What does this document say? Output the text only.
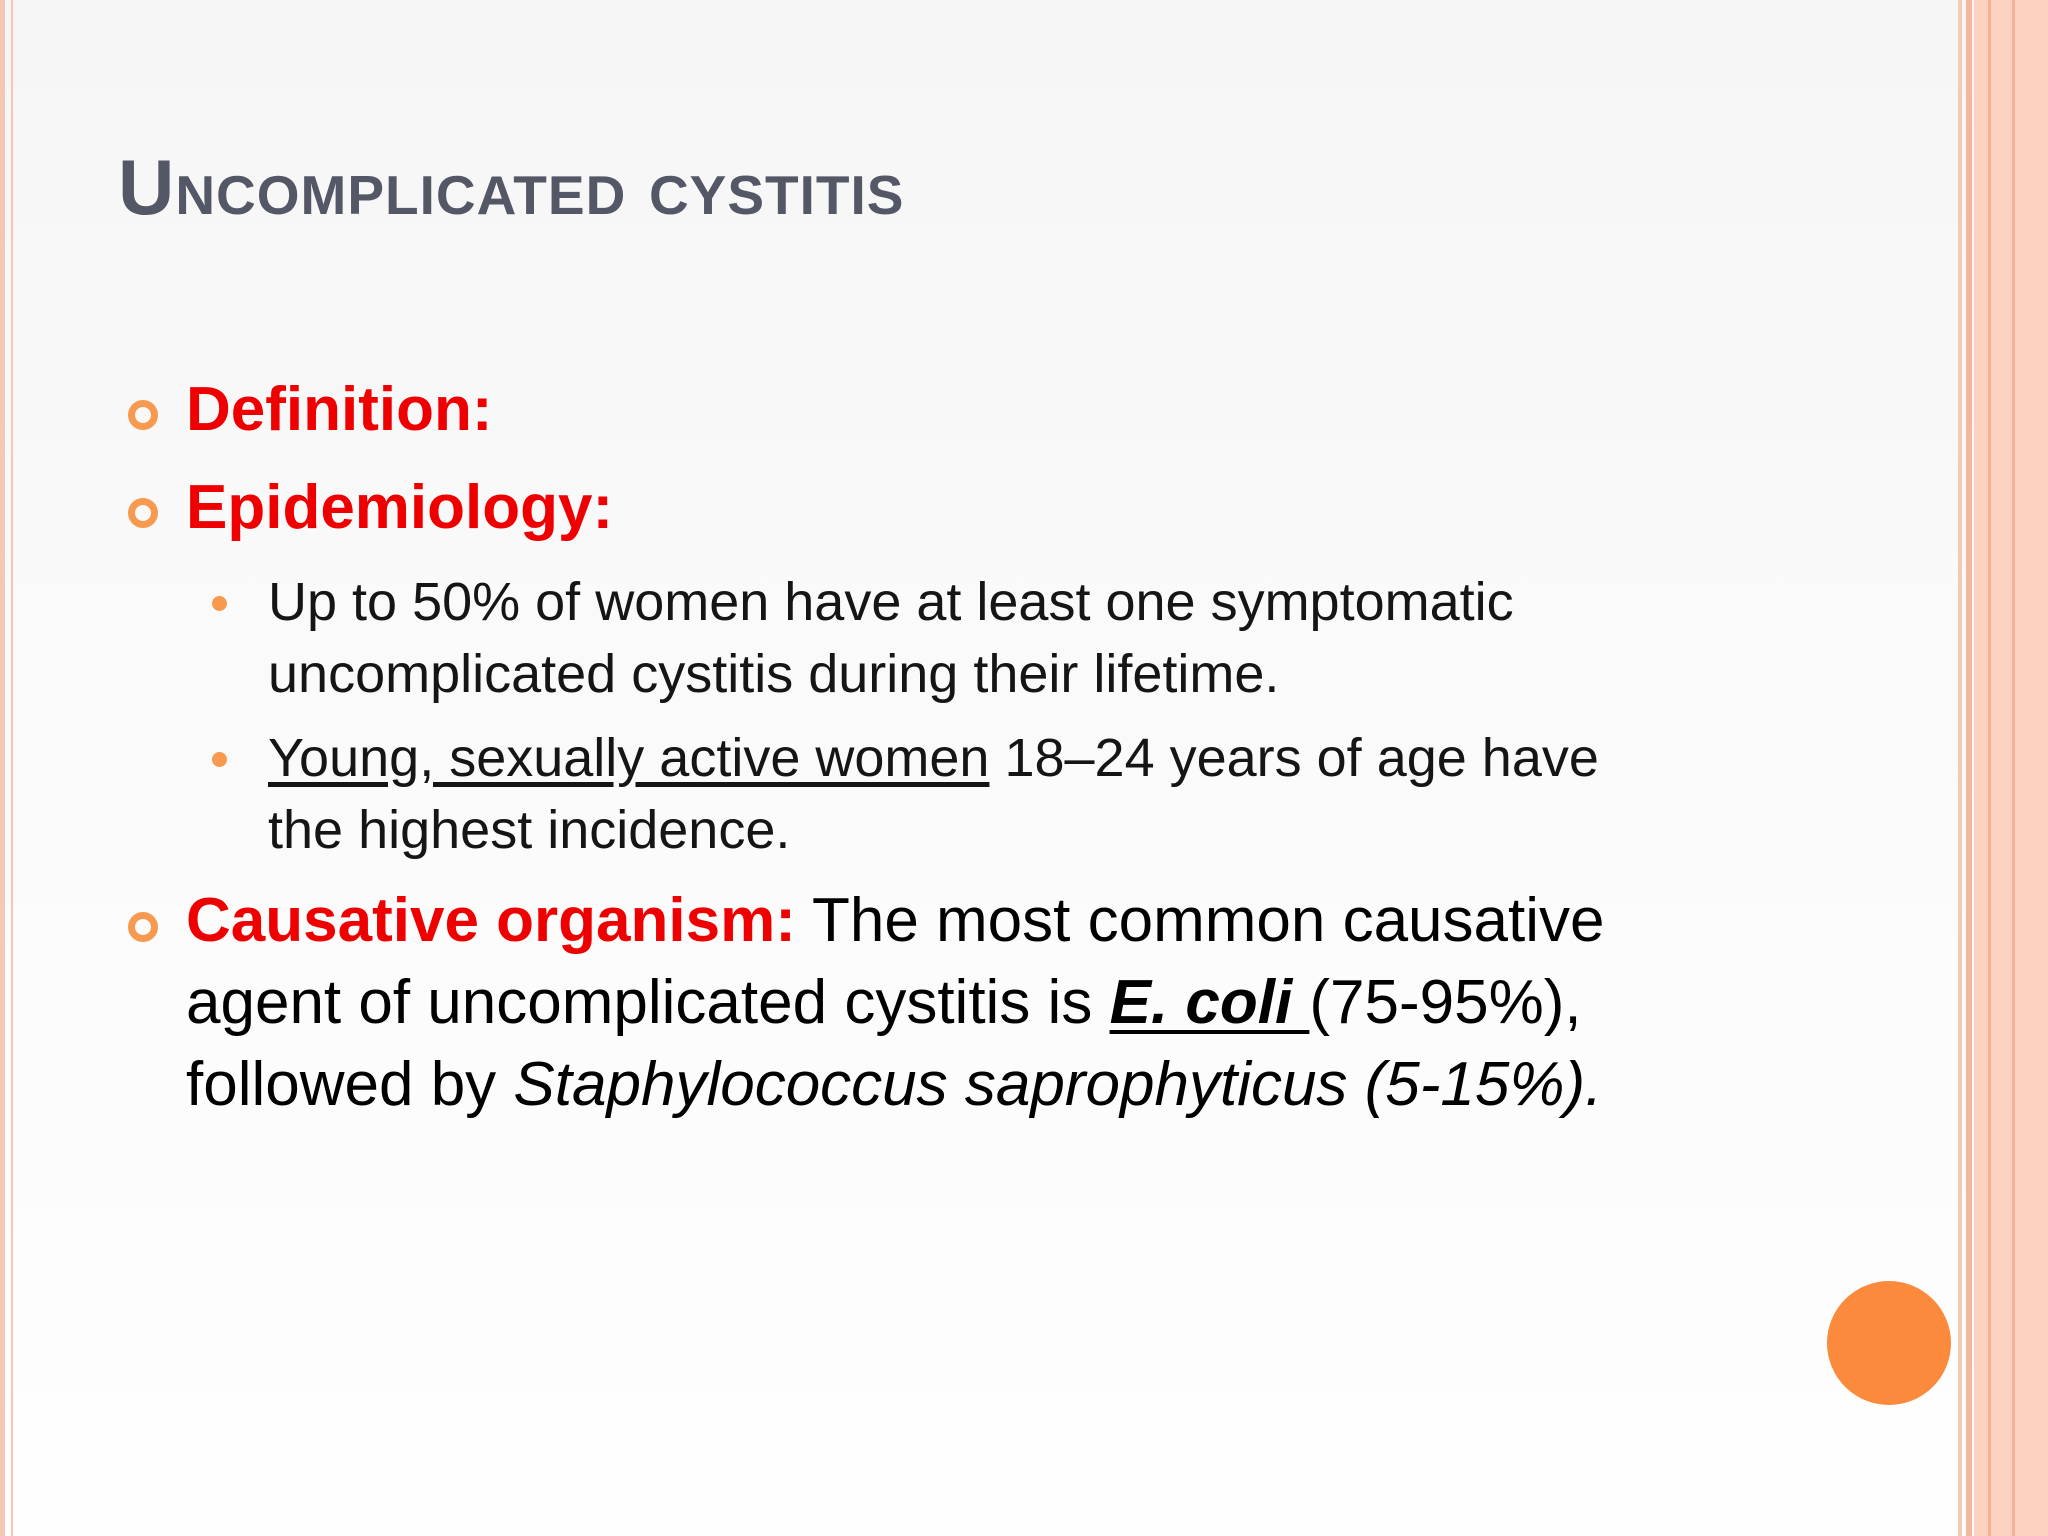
Uncomplicated cystitis
Definition:
Epidemiology:
Up to 50% of women have at least one symptomatic
uncomplicated cystitis during their lifetime.
Young, sexually active women 18–24 years of age have
the highest incidence.
Causative organism: The most common causative
agent of uncomplicated cystitis is E. coli (75-95%),
followed by Staphylococcus saprophyticus (5-15%).
